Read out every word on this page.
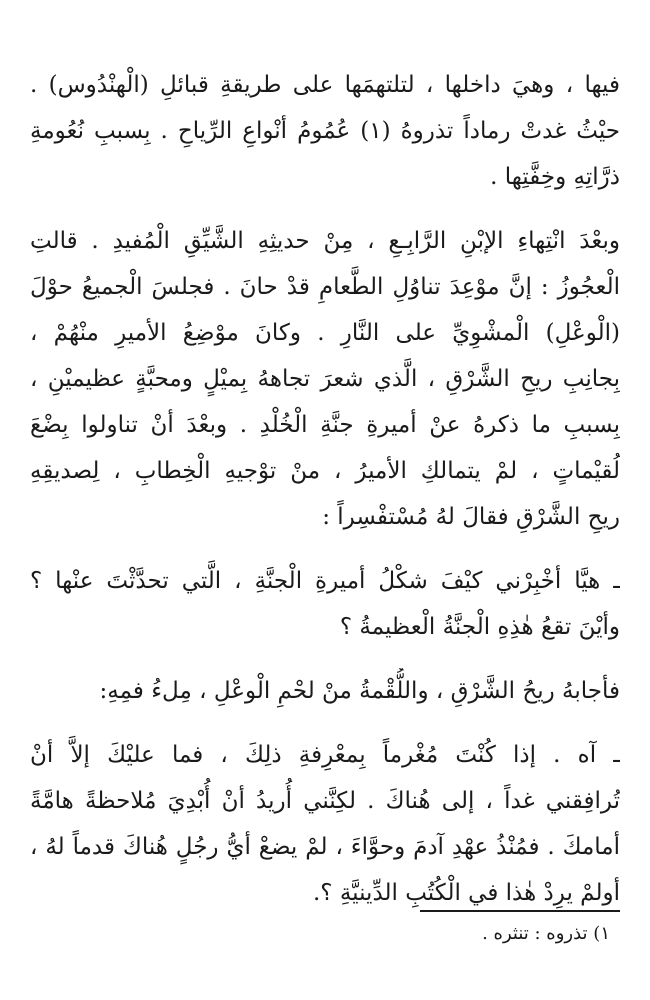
فيها ، وهيَ داخلها ، لتلتهمَها على طريقةِ قبائلِ (الْهنْدُوس) .
حيْثُ غدتْ رماداً تذروهُ (١) عُمُومُ أنْواعِ الرِّياحِ . بِسببِ نُعُومةِ
ذرَّاتِهِ وخِفَّتِها .
وبعْدَ انْتِهاءِ الإبْنِ الرَّابِـعِ ، مِنْ حديثِهِ الشَّيِّقِ الْمُفيدِ . قالتِ
الْعجُوزُ : إنَّ موْعِدَ تناوُلِ الطَّعامِ قدْ حانَ . فجلسَ الْجميعُ حوْلَ
(الْوعْلِ) الْمشْوِيِّ على النَّارِ . وكانَ موْضِعُ الأميرِ منْهُمْ ،
بِجانِبِ ريحِ الشَّرْقِ ، الَّذي شعرَ تجاههُ بِميْلٍ ومحبَّةٍ عظيميْنِ ،
بِسببِ ما ذكرهُ عنْ أميرةِ جنَّةِ الْخُلْدِ . وبعْدَ أنْ تناولوا بِضْعَ
لُقيْماتٍ ، لمْ يتمالكِ الأميرُ ، منْ توْجيهِ الْخِطابِ ، لِصديقِهِ
ريحِ الشَّرْقِ فقالَ لهُ مُسْتفْسِراً :
ـ هيَّا أخْبِرْني كيْفَ شكْلُ أميرةِ الْجنَّةِ ، الَّتي تحدَّثْتَ عنْها ؟
وأيْنَ تقعُ هٰذِهِ الْجنَّةُ الْعظيمةُ ؟
فأجابهُ ريحُ الشَّرْقِ ، واللُّقْمةُ منْ لحْمِ الْوعْلِ ، مِلءُ فمِهِ:
ـ آه . إذا كُنْتَ مُغْرماً بِمعْرِفةِ ذلِكَ ، فما عليْكَ إلاَّ أنْ
تُرافِقني غداً ، إلى هُناكَ . لكِنَّني أُريدُ أنْ أُبْدِيَ مُلاحظةً هامَّةً
أمامكَ . فمُنْذُ عهْدِ آدمَ وحوَّاءَ ، لمْ يضعْ أيُّ رجُلٍ هُناكَ قدماً لهُ ،
أولمْ يرِدْ هٰذا في الْكُتُبِ الدِّينيَّةِ ؟.
١) تذروه : تنثره .
